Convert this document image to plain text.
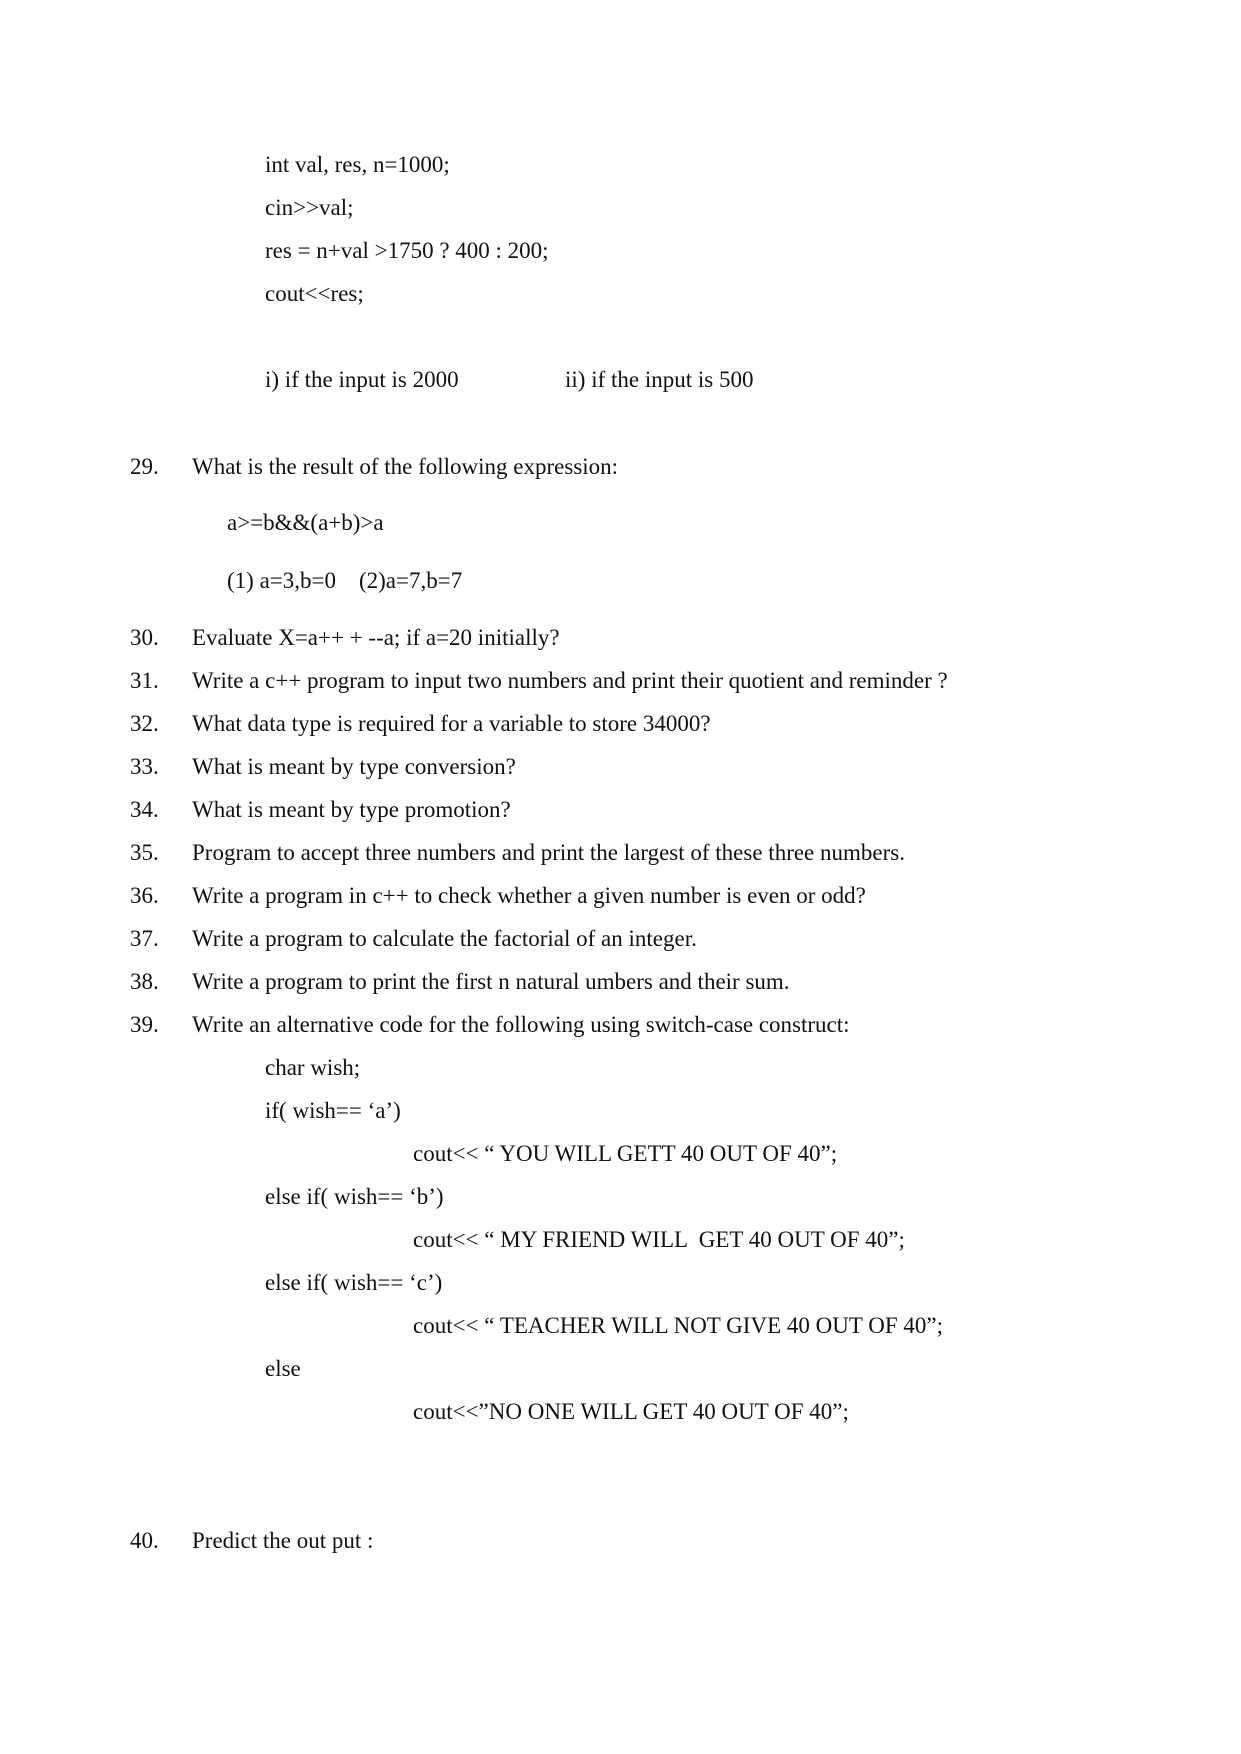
int val, res, n=1000;
cin>>val;
res = n+val >1750 ? 400 : 200;
cout<<res;
i) if the input is 2000	ii) if the input is 500
29. What is the result of the following expression:
a>=b&&(a+b)>a
(1) a=3,b=0    (2)a=7,b=7
30. Evaluate X=a++ + --a; if a=20 initially?
31. Write a c++ program to input two numbers and print their quotient and reminder ?
32. What data type is required for a variable to store 34000?
33. What is meant by type conversion?
34. What is meant by type promotion?
35. Program to accept three numbers and print the largest of these three numbers.
36. Write a program in c++ to check whether a given number is even or odd?
37. Write a program to calculate the factorial of an integer.
38. Write a program to print the first n natural umbers and their sum.
39. Write an alternative code for the following using switch-case construct:
char wish;
if( wish== ‘a’)
cout<< “ YOU WILL GETT 40 OUT OF 40”;
else if( wish== ‘b’)
cout<< “ MY FRIEND WILL  GET 40 OUT OF 40”;
else if( wish== ‘c’)
cout<< “ TEACHER WILL NOT GIVE 40 OUT OF 40”;
else
cout<<”NO ONE WILL GET 40 OUT OF 40”;
40. Predict the out put :
